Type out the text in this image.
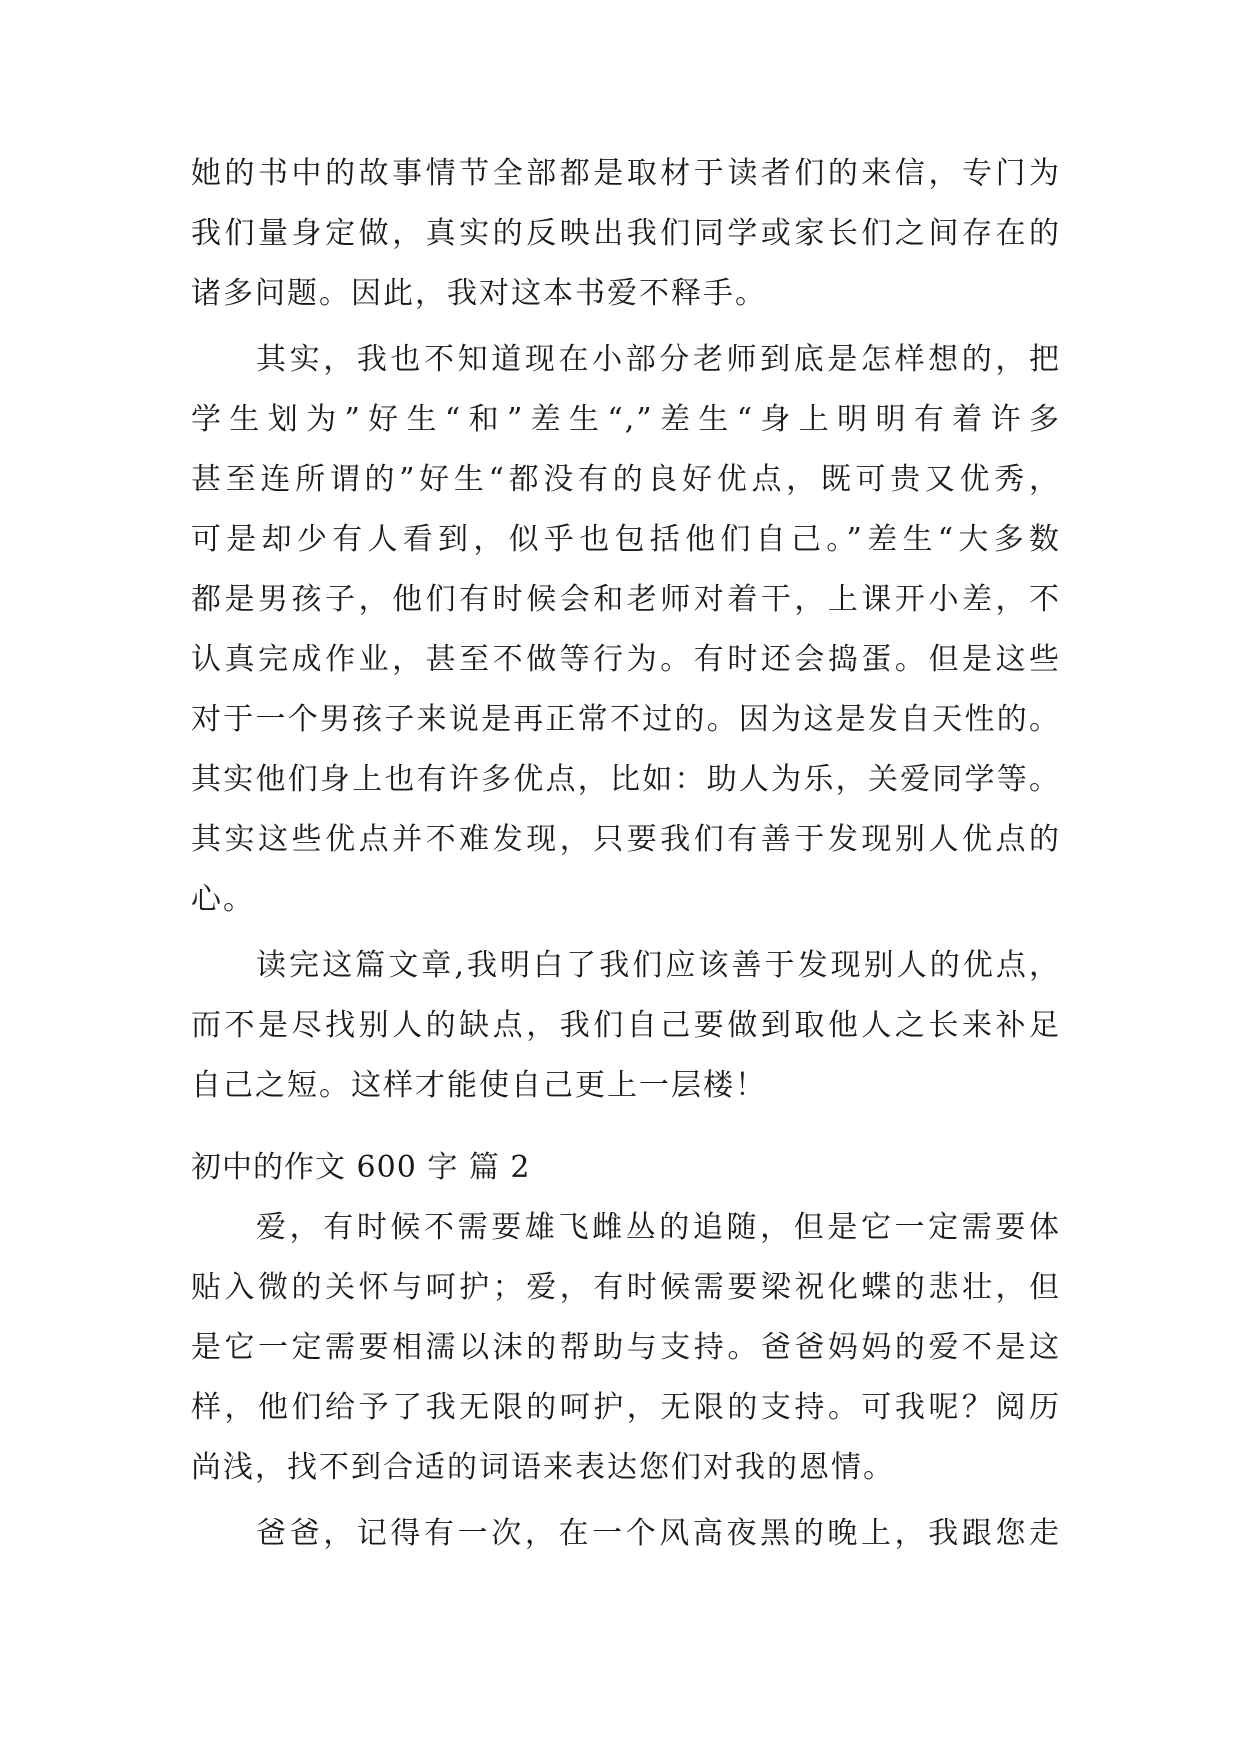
她的书中的故事情节全部都是取材于读者们的来信，专门为
我们量身定做，真实的反映出我们同学或家长们之间存在的
诸多问题。因此，我对这本书爱不释手。
其实，我也不知道现在小部分老师到底是怎样想的，把
学生划为”好生“和”差生“,”差生“身上明明有着许多
甚至连所谓的”好生“都没有的良好优点，既可贵又优秀，
可是却少有人看到，似乎也包括他们自己。”差生“大多数
都是男孩子，他们有时候会和老师对着干，上课开小差，不
认真完成作业，甚至不做等行为。有时还会捣蛋。但是这些
对于一个男孩子来说是再正常不过的。因为这是发自天性的。
其实他们身上也有许多优点，比如：助人为乐，关爱同学等。
其实这些优点并不难发现，只要我们有善于发现别人优点的
心。
读完这篇文章,我明白了我们应该善于发现别人的优点，
而不是尽找别人的缺点，我们自己要做到取他人之长来补足
自己之短。这样才能使自己更上一层楼！
初中的作文 600 字 篇 2
爱，有时候不需要雄飞雌丛的追随，但是它一定需要体
贴入微的关怀与呵护；爱，有时候需要梁祝化蝶的悲壮，但
是它一定需要相濡以沫的帮助与支持。爸爸妈妈的爱不是这
样，他们给予了我无限的呵护，无限的支持。可我呢？阅历
尚浅，找不到合适的词语来表达您们对我的恩情。
爸爸，记得有一次，在一个风高夜黑的晚上，我跟您走
